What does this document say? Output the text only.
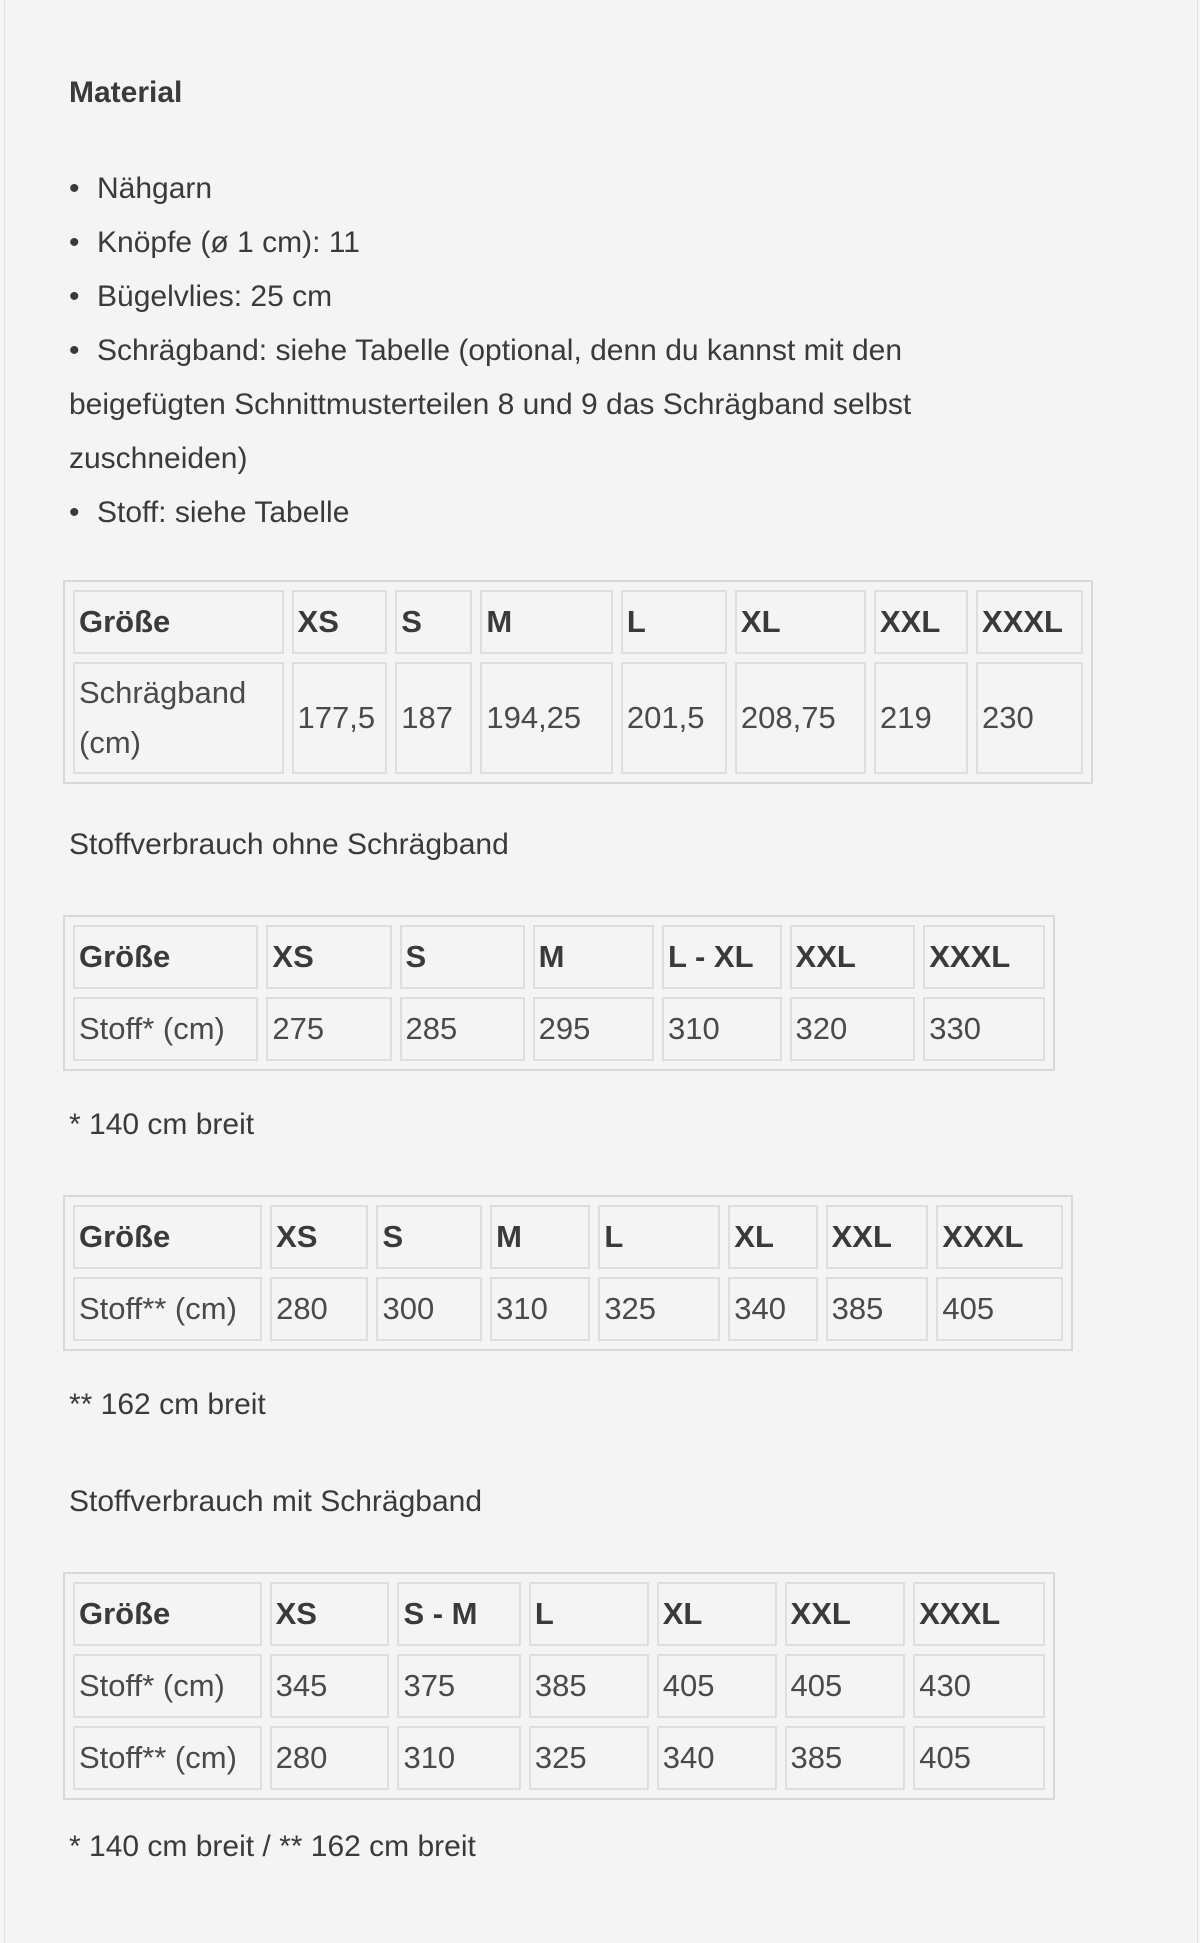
Material
• Nähgarn
• Knöpfe (ø 1 cm): 11
• Bügelvlies: 25 cm
• Schrägband: siehe Tabelle (optional, denn du kannst mit den beigefügten Schnittmusterteilen 8 und 9 das Schrägband selbst zuschneiden)
• Stoff: siehe Tabelle
Größe	XS	S	M	L	XL	XXL	XXXL
Schrägband (cm)	177,5	187	194,25	201,5	208,75	219	230
Stoffverbrauch ohne Schrägband
Größe	XS	S	M	L - XL	XXL	XXXL
Stoff* (cm)	275	285	295	310	320	330
* 140 cm breit
Größe	XS	S	M	L	XL	XXL	XXXL
Stoff** (cm)	280	300	310	325	340	385	405
** 162 cm breit
Stoffverbrauch mit Schrägband
Größe	XS	S - M	L	XL	XXL	XXXL
Stoff* (cm)	345	375	385	405	405	430
Stoff** (cm)	280	310	325	340	385	405
* 140 cm breit / ** 162 cm breit
